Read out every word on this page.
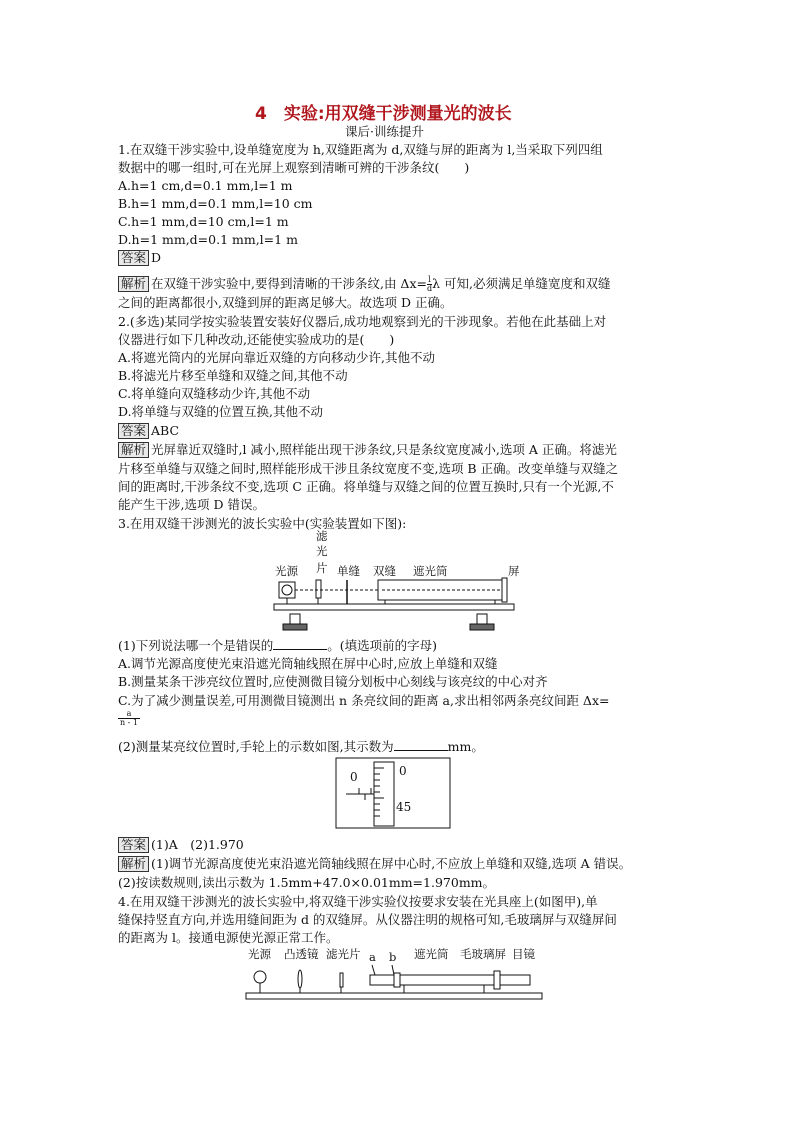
4　实验:用双缝干涉测量光的波长
课后·训练提升
1.在双缝干涉实验中,设单缝宽度为 h,双缝距离为 d,双缝与屏的距离为 l,当采取下列四组
数据中的哪一组时,可在光屏上观察到清晰可辨的干涉条纹(　　)
A.h=1 cm,d=0.1 mm,l=1 m
B.h=1 mm,d=0.1 mm,l=10 cm
C.h=1 mm,d=10 cm,l=1 m
D.h=1 mm,d=0.1 mm,l=1 m
答案 D
解析 在双缝干涉实验中,要得到清晰的干涉条纹,由 $\Delta x= \frac{l}{d}$ λ 可知,必须满足单缝宽度和双缝
之间的距离都很小,双缝到屏的距离足够大。故选项 D 正确。
2.(多选)某同学按实验装置安装好仪器后,成功地观察到光的干涉现象。若他在此基础上对
仪器进行如下几种改动,还能使实验成功的是(　　)
A.将遮光筒内的光屏向靠近双缝的方向移动少许,其他不动
B.将滤光片移至单缝和双缝之间,其他不动
C.将单缝向双缝移动少许,其他不动
D.将单缝与双缝的位置互换,其他不动
答案 ABC
解析 光屏靠近双缝时,l 减小,照样能出现干涉条纹,只是条纹宽度减小,选项 A 正确。将滤光
片移至单缝与双缝之间时,照样能形成干涉且条纹宽度不变,选项 B 正确。改变单缝与双缝之
间的距离时,干涉条纹不变,选项 C 正确。将单缝与双缝之间的位置互换时,只有一个光源,不
能产生干涉,选项 D 错误。
3.在用双缝干涉测光的波长实验中(实验装置如下图):
光源
滤
光
片 单缝 双缝 遮光筒	屏
(1)下列说法哪一个是错误的	。(填选项前的字母)
A.调节光源高度使光束沿遮光筒轴线照在屏中心时,应放上单缝和双缝
B.测量某条干涉亮纹位置时,应使测微目镜分划板中心刻线与该亮纹的中心对齐
C.为了减少测量误差,可用测微目镜测出 n 条亮纹间的距离 a,求出相邻两条亮纹间距 Δx=
a
n - 1
(2)测量某亮纹位置时,手轮上的示数如图,其示数为	mm。
0	0
45
答案 (1)A　(2)1.970
解析 (1)调节光源高度使光束沿遮光筒轴线照在屏中心时,不应放上单缝和双缝,选项 A 错误。
(2)按读数规则,读出示数为 1.5mm+47.0×0.01mm=1.970mm。
4.在用双缝干涉测光的波长实验中,将双缝干涉实验仪按要求安装在光具座上(如图甲),单
缝保持竖直方向,并选用缝间距为 d 的双缝屏。从仪器注明的规格可知,毛玻璃屏与双缝屏间
的距离为 l。接通电源使光源正常工作。
光源 凸透镜 滤光片 a b 遮光筒 毛玻璃屏 目镜
